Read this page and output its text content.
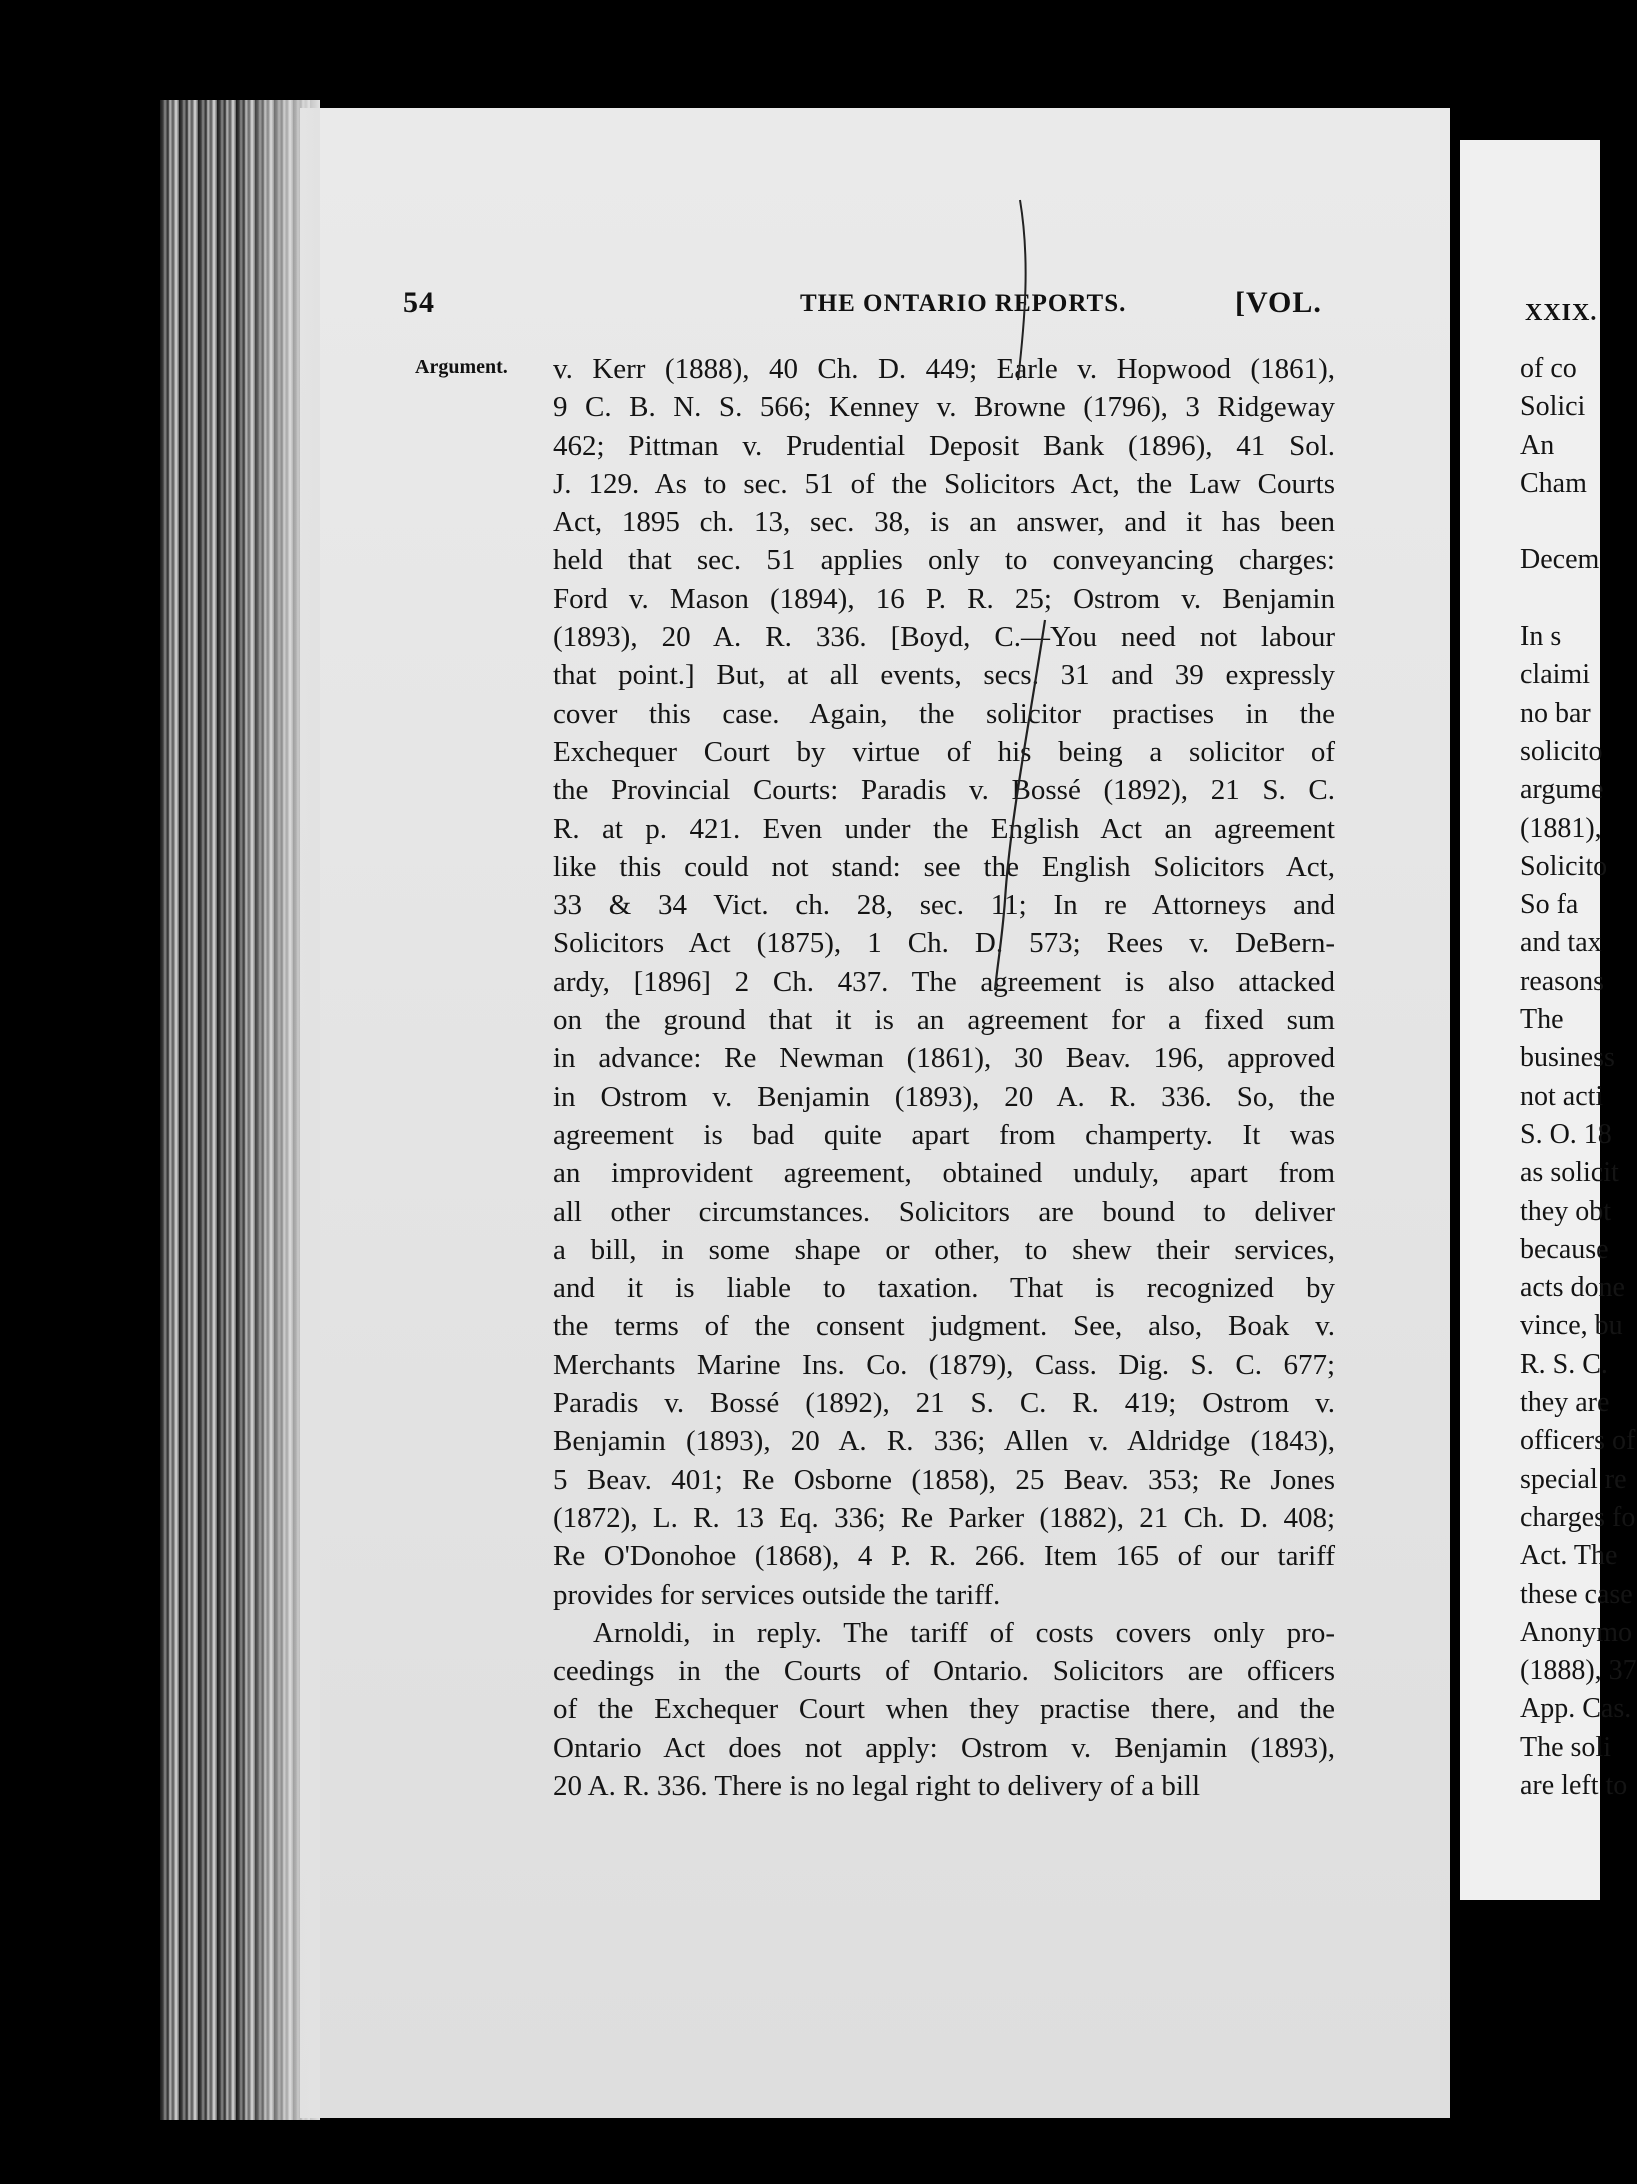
54	THE ONTARIO REPORTS.	[VOL.
Argument. v. Kerr (1888), 40 Ch. D. 449; Earle v. Hopwood (1861),
9 C. B. N. S. 566; Kenney v. Browne (1796), 3 Ridgeway
462; Pittman v. Prudential Deposit Bank (1896), 41 Sol.
J. 129. As to sec. 51 of the Solicitors Act, the Law Courts
Act, 1895 ch. 13, sec. 38, is an answer, and it has been
held that sec. 51 applies only to conveyancing charges:
Ford v. Mason (1894), 16 P. R. 25; Ostrom v. Benjamin
(1893), 20 A. R. 336. [Boyd, C.—You need not labour
that point.] But, at all events, secs. 31 and 39 expressly
cover this case. Again, the solicitor practises in the
Exchequer Court by virtue of his being a solicitor of
the Provincial Courts: Paradis v. Bossé (1892), 21 S. C.
R. at p. 421. Even under the English Act an agreement
like this could not stand: see the English Solicitors Act,
33 & 34 Vict. ch. 28, sec. 11; In re Attorneys and
Solicitors Act (1875), 1 Ch. D. 573; Rees v. DeBern-
ardy, [1896] 2 Ch. 437. The agreement is also attacked
on the ground that it is an agreement for a fixed sum
in advance: Re Newman (1861), 30 Beav. 196, approved
in Ostrom v. Benjamin (1893), 20 A. R. 336. So, the
agreement is bad quite apart from champerty. It was
an improvident agreement, obtained unduly, apart from
all other circumstances. Solicitors are bound to deliver
a bill, in some shape or other, to shew their services,
and it is liable to taxation. That is recognized by
the terms of the consent judgment. See, also, Boak v.
Merchants Marine Ins. Co. (1879), Cass. Dig. S. C. 677;
Paradis v. Bossé (1892), 21 S. C. R. 419; Ostrom v.
Benjamin (1893), 20 A. R. 336; Allen v. Aldridge (1843),
5 Beav. 401; Re Osborne (1858), 25 Beav. 353; Re Jones
(1872), L. R. 13 Eq. 336; Re Parker (1882), 21 Ch. D. 408;
Re O'Donohoe (1868), 4 P. R. 266. Item 165 of our tariff
provides for services outside the tariff.
Arnoldi, in reply. The tariff of costs covers only pro-
ceedings in the Courts of Ontario. Solicitors are officers
of the Exchequer Court when they practise there, and the
Ontario Act does not apply: Ostrom v. Benjamin (1893),
20 A. R. 336. There is no legal right to delivery of a bill
XXIX.
of co
Solici
An
Cham
Decem
In s
claimi
no bar
solicito
argume
(1881),
Solicito
So fa
and tax
reasons
The
business
not acti
S. O. 18
as solicit
they obt
because
acts done
vince, bu
R. S. C.
they are
officers of
special re
charges fo
Act. The
these case
Anonymo
(1888), 37
App. Cas.
The soli
are left to
